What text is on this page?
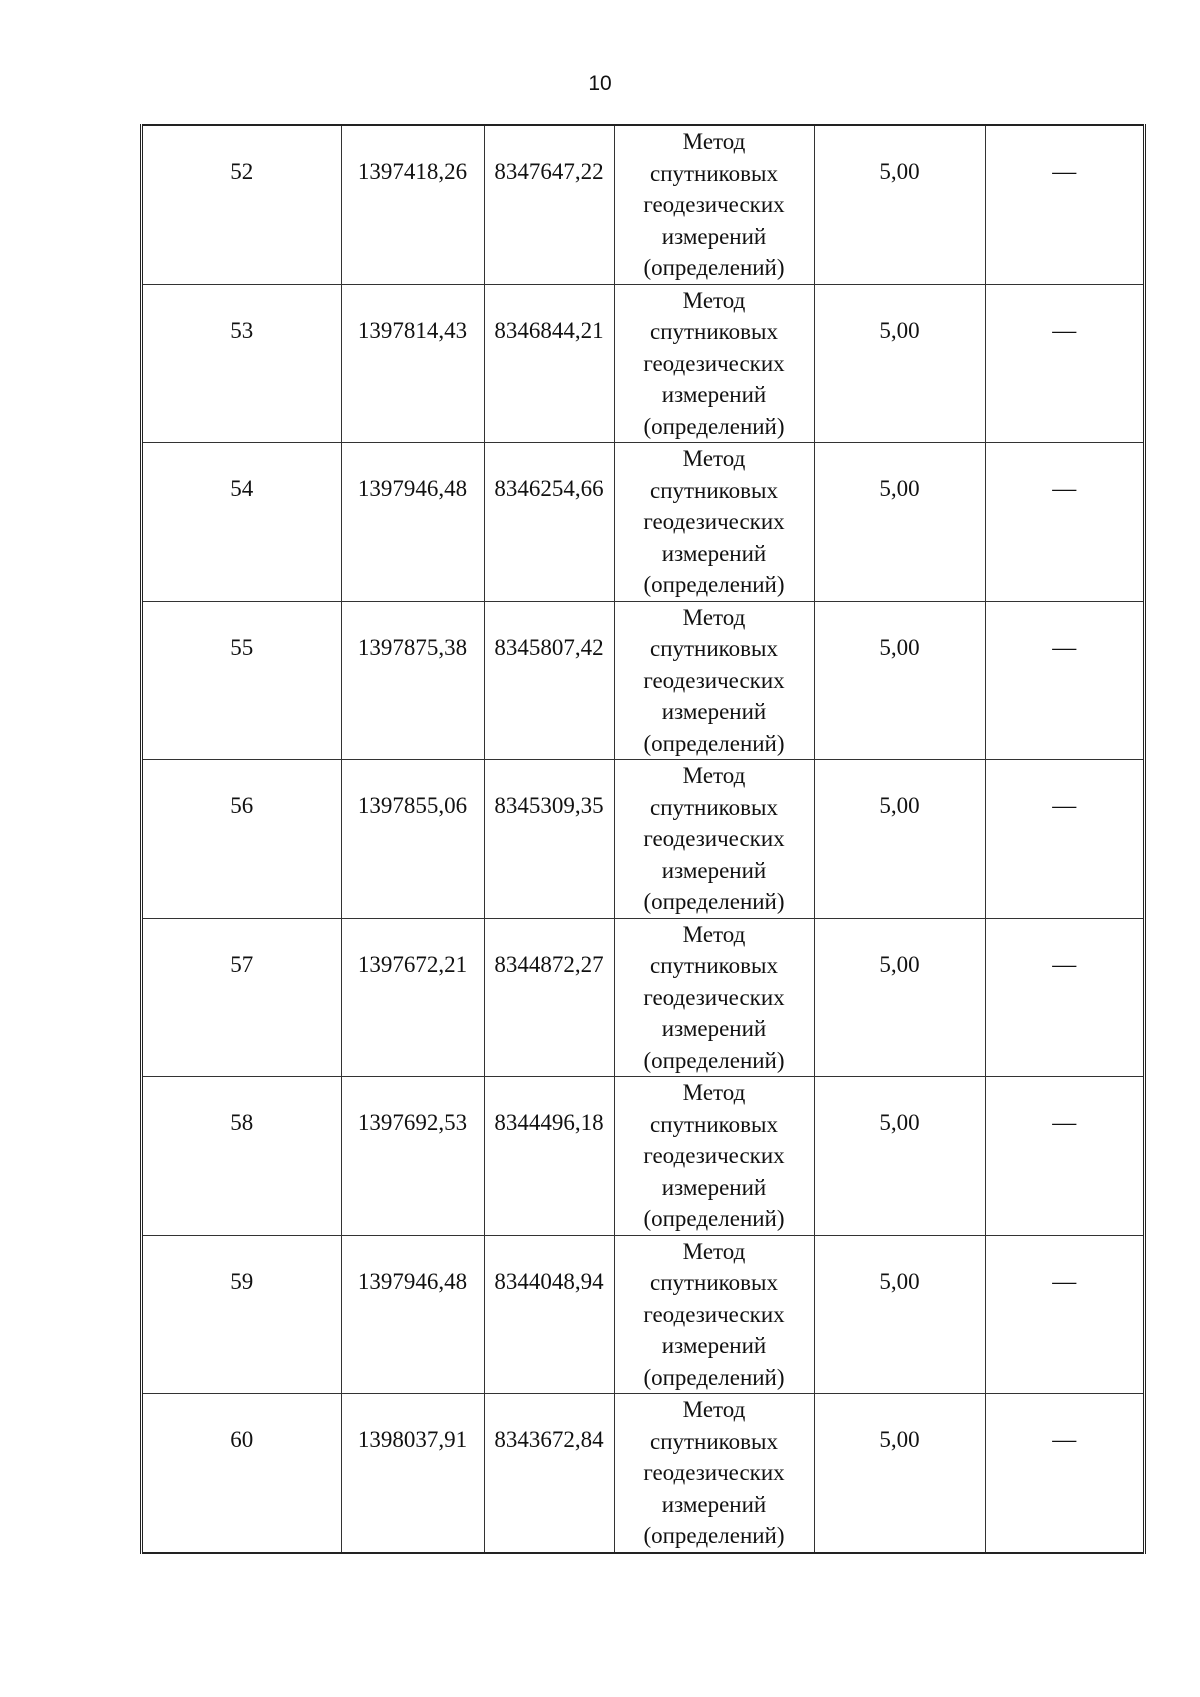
10
52	1397418,26	8347647,22	Метод
спутниковых
геодезических
измерений
(определений)	5,00	—
53	1397814,43	8346844,21	Метод
спутниковых
геодезических
измерений
(определений)	5,00	—
54	1397946,48	8346254,66	Метод
спутниковых
геодезических
измерений
(определений)	5,00	—
55	1397875,38	8345807,42	Метод
спутниковых
геодезических
измерений
(определений)	5,00	—
56	1397855,06	8345309,35	Метод
спутниковых
геодезических
измерений
(определений)	5,00	—
57	1397672,21	8344872,27	Метод
спутниковых
геодезических
измерений
(определений)	5,00	—
58	1397692,53	8344496,18	Метод
спутниковых
геодезических
измерений
(определений)	5,00	—
59	1397946,48	8344048,94	Метод
спутниковых
геодезических
измерений
(определений)	5,00	—
60	1398037,91	8343672,84	Метод
спутниковых
геодезических
измерений
(определений)	5,00	—
